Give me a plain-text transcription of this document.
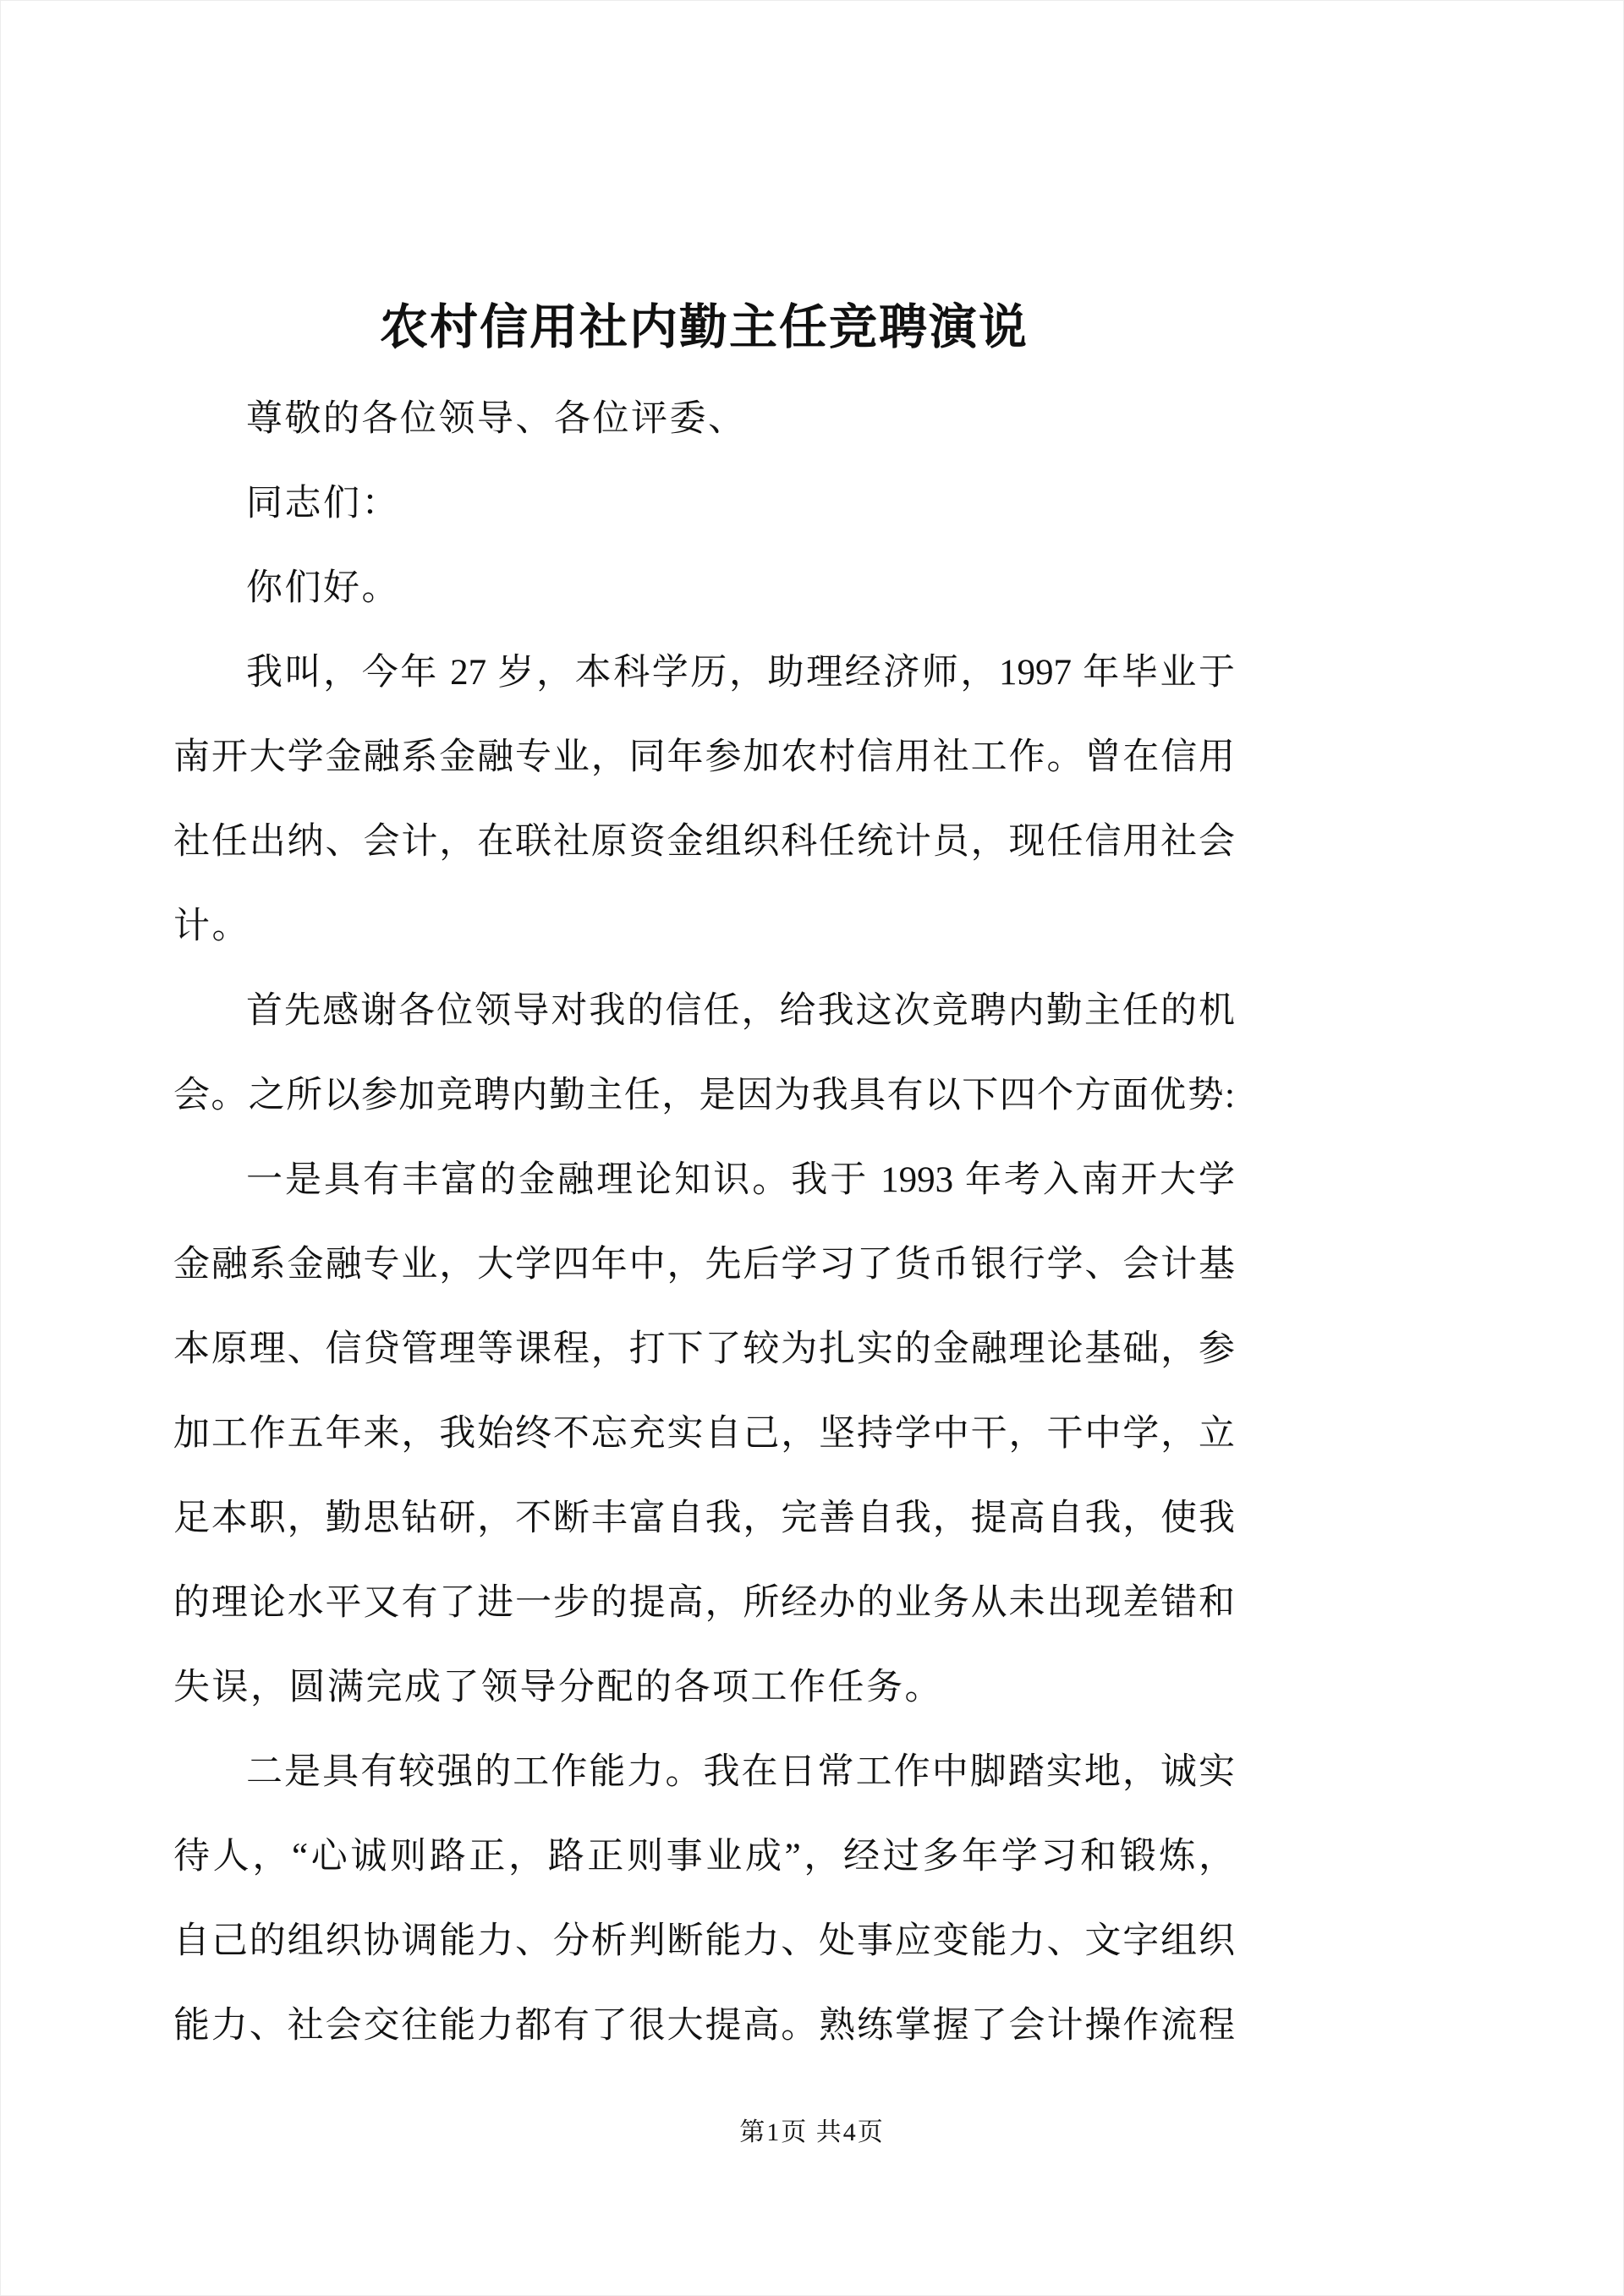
农村信用社内勤主任竞聘演说
尊敬的各位领导、各位评委、
同志们：
你们好。
我叫，今年 27 岁，本科学历，助理经济师，1997 年毕业于
南开大学金融系金融专业，同年参加农村信用社工作。曾在信用
社任出纳、会计，在联社原资金组织科任统计员，现任信用社会
计。
首先感谢各位领导对我的信任，给我这次竞聘内勤主任的机
会。之所以参加竞聘内勤主任，是因为我具有以下四个方面优势:
一是具有丰富的金融理论知识。我于 1993 年考入南开大学
金融系金融专业，大学四年中，先后学习了货币银行学、会计基
本原理、信贷管理等课程，打下了较为扎实的金融理论基础，参
加工作五年来，我始终不忘充实自己，坚持学中干，干中学，立
足本职，勤思钻研，不断丰富自我，完善自我，提高自我，使我
的理论水平又有了进一步的提高，所经办的业务从未出现差错和
失误，圆满完成了领导分配的各项工作任务。
二是具有较强的工作能力。我在日常工作中脚踏实地，诚实
待人，“心诚则路正，路正则事业成”，经过多年学习和锻炼，
自己的组织协调能力、分析判断能力、处事应变能力、文字组织
能力、社会交往能力都有了很大提高。熟练掌握了会计操作流程
第1页 共4页
